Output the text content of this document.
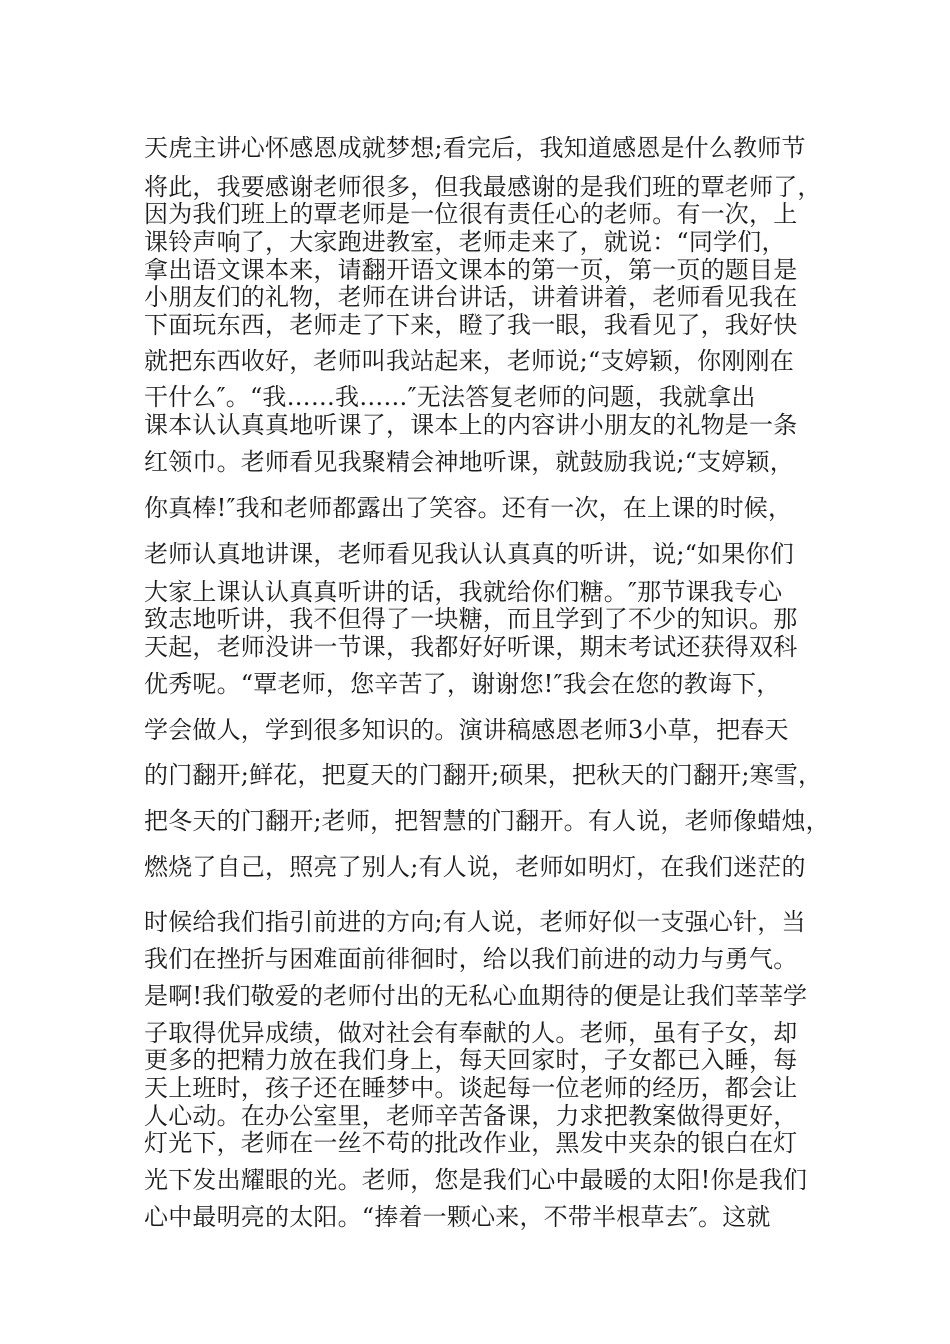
天虎主讲心怀感恩成就梦想;看完后，我知道感恩是什么教师节
将此，我要感谢老师很多，但我最感谢的是我们班的覃老师了，
因为我们班上的覃老师是一位很有责任心的老师。有一次，上
课铃声响了，大家跑进教室，老师走来了，就说：“同学们，
拿出语文课本来，请翻开语文课本的第一页，第一页的题目是
小朋友们的礼物，老师在讲台讲话，讲着讲着，老师看见我在
下面玩东西，老师走了下来，瞪了我一眼，我看见了，我好快
就把东西收好，老师叫我站起来，老师说;“支婷颖，你刚刚在
干什么″。“我……我……″无法答复老师的问题，我就拿出
课本认认真真地听课了，课本上的内容讲小朋友的礼物是一条
红领巾。老师看见我聚精会神地听课，就鼓励我说;“支婷颖，
你真棒!″我和老师都露出了笑容。还有一次，在上课的时候，
老师认真地讲课，老师看见我认认真真的听讲，说;“如果你们
大家上课认认真真听讲的话，我就给你们糖。″那节课我专心
致志地听讲，我不但得了一块糖，而且学到了不少的知识。那
天起，老师没讲一节课，我都好好听课，期末考试还获得双科
优秀呢。“覃老师，您辛苦了，谢谢您!″我会在您的教诲下，
学会做人，学到很多知识的。演讲稿感恩老师3小草，把春天
的门翻开;鲜花，把夏天的门翻开;硕果，把秋天的门翻开;寒雪，
把冬天的门翻开;老师，把智慧的门翻开。有人说，老师像蜡烛，
燃烧了自己，照亮了别人;有人说，老师如明灯，在我们迷茫的
时候给我们指引前进的方向;有人说，老师好似一支强心针，当
我们在挫折与困难面前徘徊时，给以我们前进的动力与勇气。
是啊!我们敬爱的老师付出的无私心血期待的便是让我们莘莘学
子取得优异成绩，做对社会有奉献的人。老师，虽有子女，却
更多的把精力放在我们身上，每天回家时，子女都已入睡，每
天上班时，孩子还在睡梦中。谈起每一位老师的经历，都会让
人心动。在办公室里，老师辛苦备课，力求把教案做得更好，
灯光下，老师在一丝不苟的批改作业，黑发中夹杂的银白在灯
光下发出耀眼的光。老师，您是我们心中最暖的太阳!你是我们
心中最明亮的太阳。“捧着一颗心来，不带半根草去″。这就
